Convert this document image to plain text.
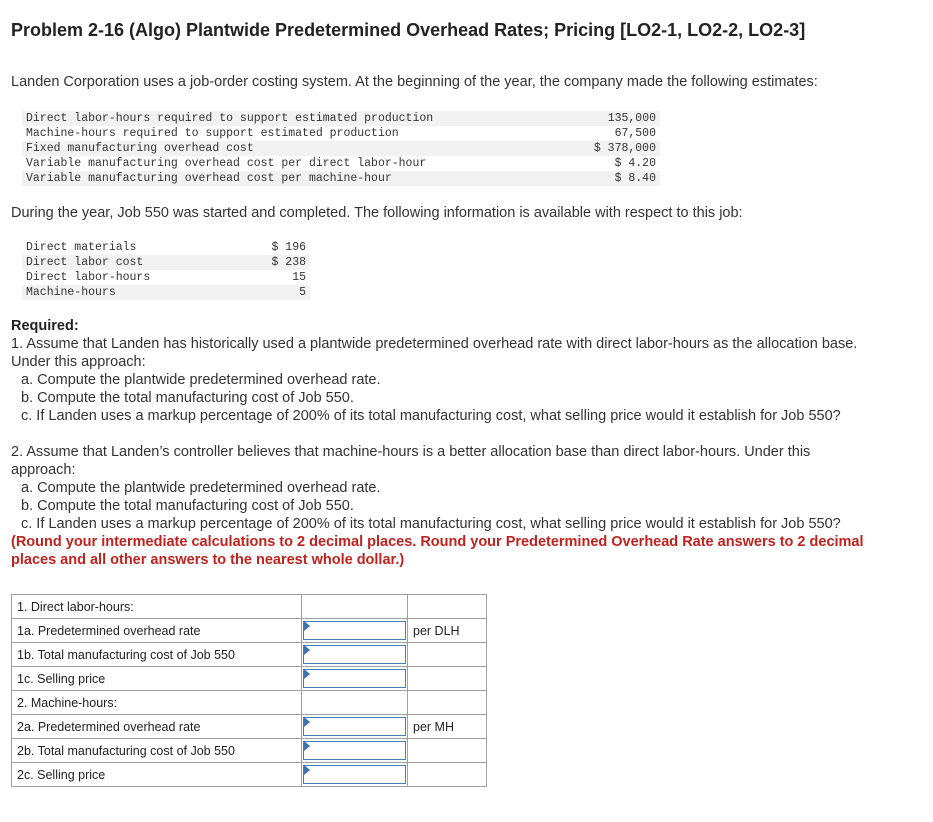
Problem 2-16 (Algo) Plantwide Predetermined Overhead Rates; Pricing [LO2-1, LO2-2, LO2-3]
Landen Corporation uses a job-order costing system. At the beginning of the year, the company made the following estimates:
Direct labor-hours required to support estimated production	135,000
Machine-hours required to support estimated production	67,500
Fixed manufacturing overhead cost	$ 378,000
Variable manufacturing overhead cost per direct labor-hour	$ 4.20
Variable manufacturing overhead cost per machine-hour	$ 8.40
During the year, Job 550 was started and completed. The following information is available with respect to this job:
Direct materials	$ 196
Direct labor cost	$ 238
Direct labor-hours	15
Machine-hours	5
Required:
1. Assume that Landen has historically used a plantwide predetermined overhead rate with direct labor-hours as the allocation base.
Under this approach:
a. Compute the plantwide predetermined overhead rate.
b. Compute the total manufacturing cost of Job 550.
c. If Landen uses a markup percentage of 200% of its total manufacturing cost, what selling price would it establish for Job 550?
2. Assume that Landen’s controller believes that machine-hours is a better allocation base than direct labor-hours. Under this
approach:
a. Compute the plantwide predetermined overhead rate.
b. Compute the total manufacturing cost of Job 550.
c. If Landen uses a markup percentage of 200% of its total manufacturing cost, what selling price would it establish for Job 550?
(Round your intermediate calculations to 2 decimal places. Round your Predetermined Overhead Rate answers to 2 decimal
places and all other answers to the nearest whole dollar.)
1. Direct labor-hours:		
1a. Predetermined overhead rate		per DLH
1b. Total manufacturing cost of Job 550	

1c. Selling price	

2. Machine-hours:		
2a. Predetermined overhead rate		per MH
2b. Total manufacturing cost of Job 550	

2c. Selling price	
